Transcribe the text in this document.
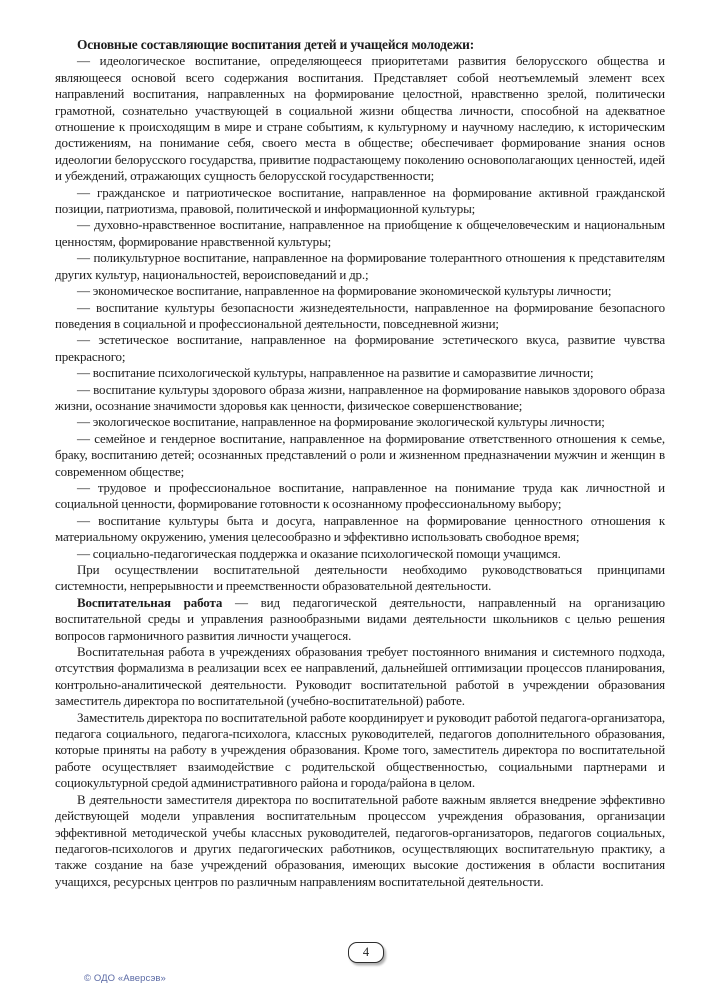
Основные составляющие воспитания детей и учащейся молодежи:

— идеологическое воспитание, определяющееся приоритетами развития белорусского общества и являющееся основой всего содержания воспитания. Представляет собой неотъемлемый элемент всех направлений воспитания, направленных на формирование целостной, нравственно зрелой, политически грамотной, сознательно участвующей в социальной жизни общества личности, способной на адекватное отношение к происходящим в мире и стране событиям, к культурному и научному наследию, к историческим достижениям, на понимание себя, своего места в обществе; обеспечивает формирование знания основ идеологии белорусского государства, привитие подрастающему поколению основополагающих ценностей, идей и убеждений, отражающих сущность белорусской государственности;

— гражданское и патриотическое воспитание, направленное на формирование активной гражданской позиции, патриотизма, правовой, политической и информационной культуры;

— духовно-нравственное воспитание, направленное на приобщение к общечеловеческим и национальным ценностям, формирование нравственной культуры;

— поликультурное воспитание, направленное на формирование толерантного отношения к представителям других культур, национальностей, вероисповеданий и др.;

— экономическое воспитание, направленное на формирование экономической культуры личности;

— воспитание культуры безопасности жизнедеятельности, направленное на формирование безопасного поведения в социальной и профессиональной деятельности, повседневной жизни;

— эстетическое воспитание, направленное на формирование эстетического вкуса, развитие чувства прекрасного;

— воспитание психологической культуры, направленное на развитие и саморазвитие личности;

— воспитание культуры здорового образа жизни, направленное на формирование навыков здорового образа жизни, осознание значимости здоровья как ценности, физическое совершенствование;

— экологическое воспитание, направленное на формирование экологической культуры личности;

— семейное и гендерное воспитание, направленное на формирование ответственного отношения к семье, браку, воспитанию детей; осознанных представлений о роли и жизненном предназначении мужчин и женщин в современном обществе;

— трудовое и профессиональное воспитание, направленное на понимание труда как личностной и социальной ценности, формирование готовности к осознанному профессиональному выбору;

— воспитание культуры быта и досуга, направленное на формирование ценностного отношения к материальному окружению, умения целесообразно и эффективно использовать свободное время;

— социально-педагогическая поддержка и оказание психологической помощи учащимся.

При осуществлении воспитательной деятельности необходимо руководствоваться принципами системности, непрерывности и преемственности образовательной деятельности.

Воспитательная работа — вид педагогической деятельности, направленный на организацию воспитательной среды и управления разнообразными видами деятельности школьников с целью решения вопросов гармоничного развития личности учащегося.

Воспитательная работа в учреждениях образования требует постоянного внимания и системного подхода, отсутствия формализма в реализации всех ее направлений, дальнейшей оптимизации процессов планирования, контрольно-аналитической деятельности. Руководит воспитательной работой в учреждении образования заместитель директора по воспитательной (учебно-воспитательной) работе.

Заместитель директора по воспитательной работе координирует и руководит работой педагога-организатора, педагога социального, педагога-психолога, классных руководителей, педагогов дополнительного образования, которые приняты на работу в учреждения образования. Кроме того, заместитель директора по воспитательной работе осуществляет взаимодействие с родительской общественностью, социальными партнерами и социокультурной средой административного района и города/района в целом.

В деятельности заместителя директора по воспитательной работе важным является внедрение эффективно действующей модели управления воспитательным процессом учреждения образования, организации эффективной методической учебы классных руководителей, педагогов-организаторов, педагогов социальных, педагогов-психологов и других педагогических работников, осуществляющих воспитательную практику, а также создание на базе учреждений образования, имеющих высокие достижения в области воспитания учащихся, ресурсных центров по различным направлениям воспитательной деятельности.

4
© ОДО «Аверсэв»
